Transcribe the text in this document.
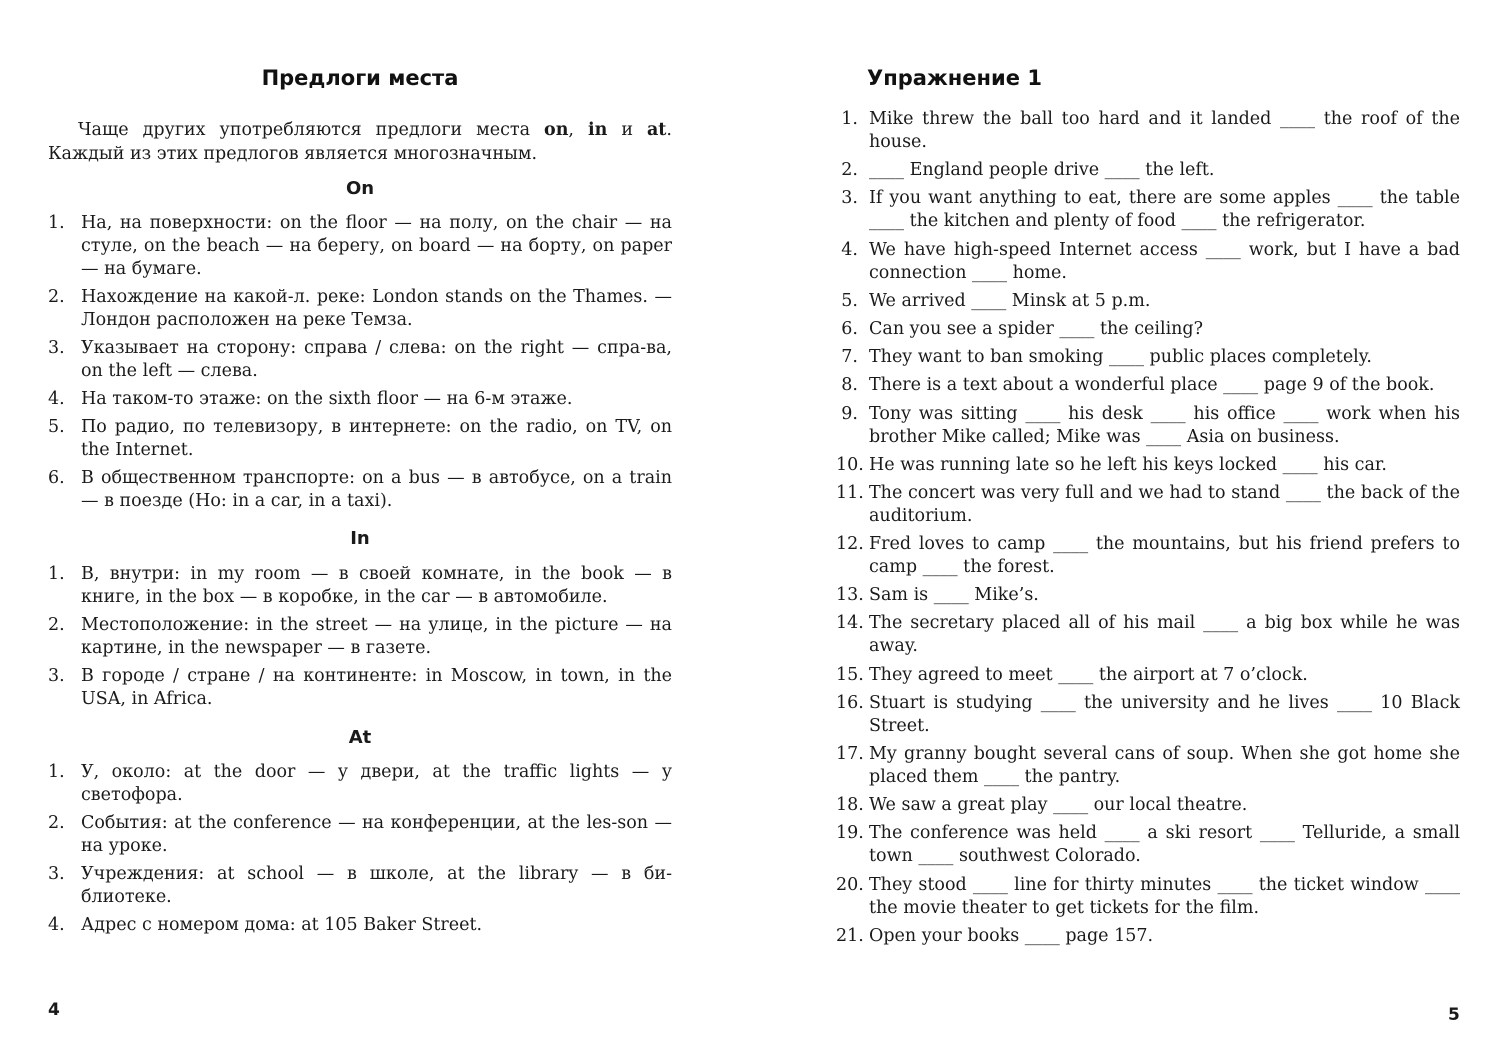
Предлоги места
Чаще других употребляются предлоги места on, in и at. Каждый из этих предлогов является многозначным.
On
1. На, на поверхности: on the floor — на полу, on the chair — на стуле, on the beach — на берегу, on board — на борту, on paper — на бумаге.
2. Нахождение на какой-л. реке: London stands on the Thames. — Лондон расположен на реке Темза.
3. Указывает на сторону: справа / слева: on the right — спра-ва, on the left — слева.
4. На таком-то этаже: on the sixth floor — на 6-м этаже.
5. По радио, по телевизору, в интернете: on the radio, on TV, on the Internet.
6. В общественном транспорте: on a bus — в автобусе, on a train — в поезде (Но: in a car, in a taxi).
In
1. В, внутри: in my room — в своей комнате, in the book — в книге, in the box — в коробке, in the car — в автомобиле.
2. Местоположение: in the street — на улице, in the picture — на картине, in the newspaper — в газете.
3. В городе / стране / на континенте: in Moscow, in town, in the USA, in Africa.
At
1. У, около: at the door — у двери, at the traffic lights — у светофора.
2. События: at the conference — на конференции, at the les-son — на уроке.
3. Учреждения: at school — в школе, at the library — в би-блиотеке.
4. Адрес с номером дома: at 105 Baker Street.
4
Упражнение 1
1. Mike threw the ball too hard and it landed ____ the roof of the house.
2. ____ England people drive ____ the left.
3. If you want anything to eat, there are some apples ____ the table ____ the kitchen and plenty of food ____ the refrigerator.
4. We have high-speed Internet access ____ work, but I have a bad connection ____ home.
5. We arrived ____ Minsk at 5 p.m.
6. Can you see a spider ____ the ceiling?
7. They want to ban smoking ____ public places completely.
8. There is a text about a wonderful place ____ page 9 of the book.
9. Tony was sitting ____ his desk ____ his office ____ work when his brother Mike called; Mike was ____ Asia on business.
10. He was running late so he left his keys locked ____ his car.
11. The concert was very full and we had to stand ____ the back of the auditorium.
12. Fred loves to camp ____ the mountains, but his friend prefers to camp ____ the forest.
13. Sam is ____ Mike’s.
14. The secretary placed all of his mail ____ a big box while he was away.
15. They agreed to meet ____ the airport at 7 o’clock.
16. Stuart is studying ____ the university and he lives ____ 10 Black Street.
17. My granny bought several cans of soup. When she got home she placed them ____ the pantry.
18. We saw a great play ____ our local theatre.
19. The conference was held ____ a ski resort ____ Telluride, a small town ____ southwest Colorado.
20. They stood ____ line for thirty minutes ____ the ticket window ____ the movie theater to get tickets for the film.
21. Open your books ____ page 157.
5
